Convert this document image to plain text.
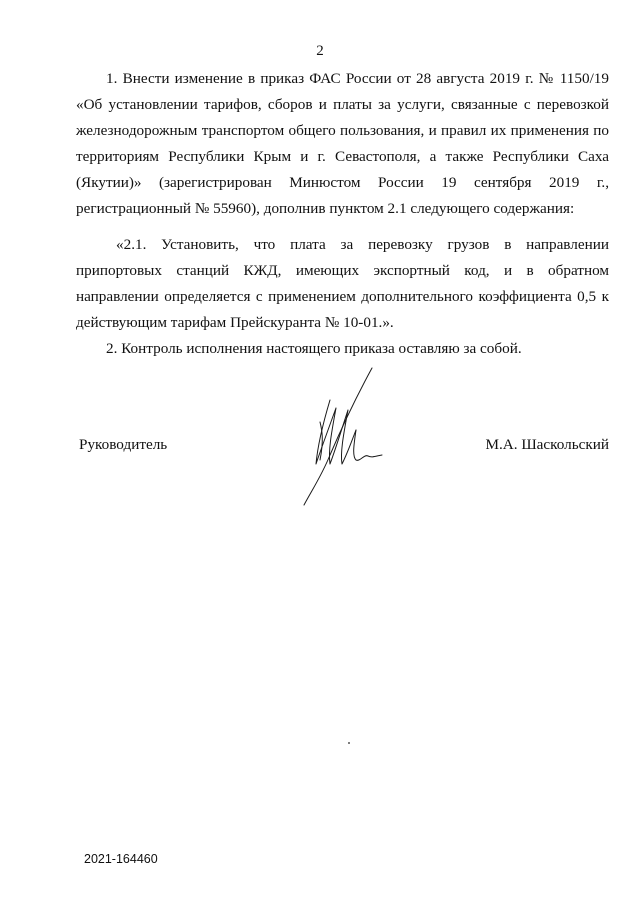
2

1. Внести изменение в приказ ФАС России от 28 августа 2019 г. № 1150/19 «Об установлении тарифов, сборов и платы за услуги, связанные с перевозкой железнодорожным транспортом общего пользования, и правил их применения по территориям Республики Крым и г. Севастополя, а также Республики Саха (Якутии)» (зарегистрирован Минюстом России 19 сентября 2019 г., регистрационный № 55960), дополнив пунктом 2.1 следующего содержания:

«2.1. Установить, что плата за перевозку грузов в направлении припортовых станций КЖД, имеющих экспортный код, и в обратном направлении определяется с применением дополнительного коэффициента 0,5 к действующим тарифам Прейскуранта № 10-01.».

2. Контроль исполнения настоящего приказа оставляю за собой.

Руководитель	М.А. Шаскольский
2021-164460
